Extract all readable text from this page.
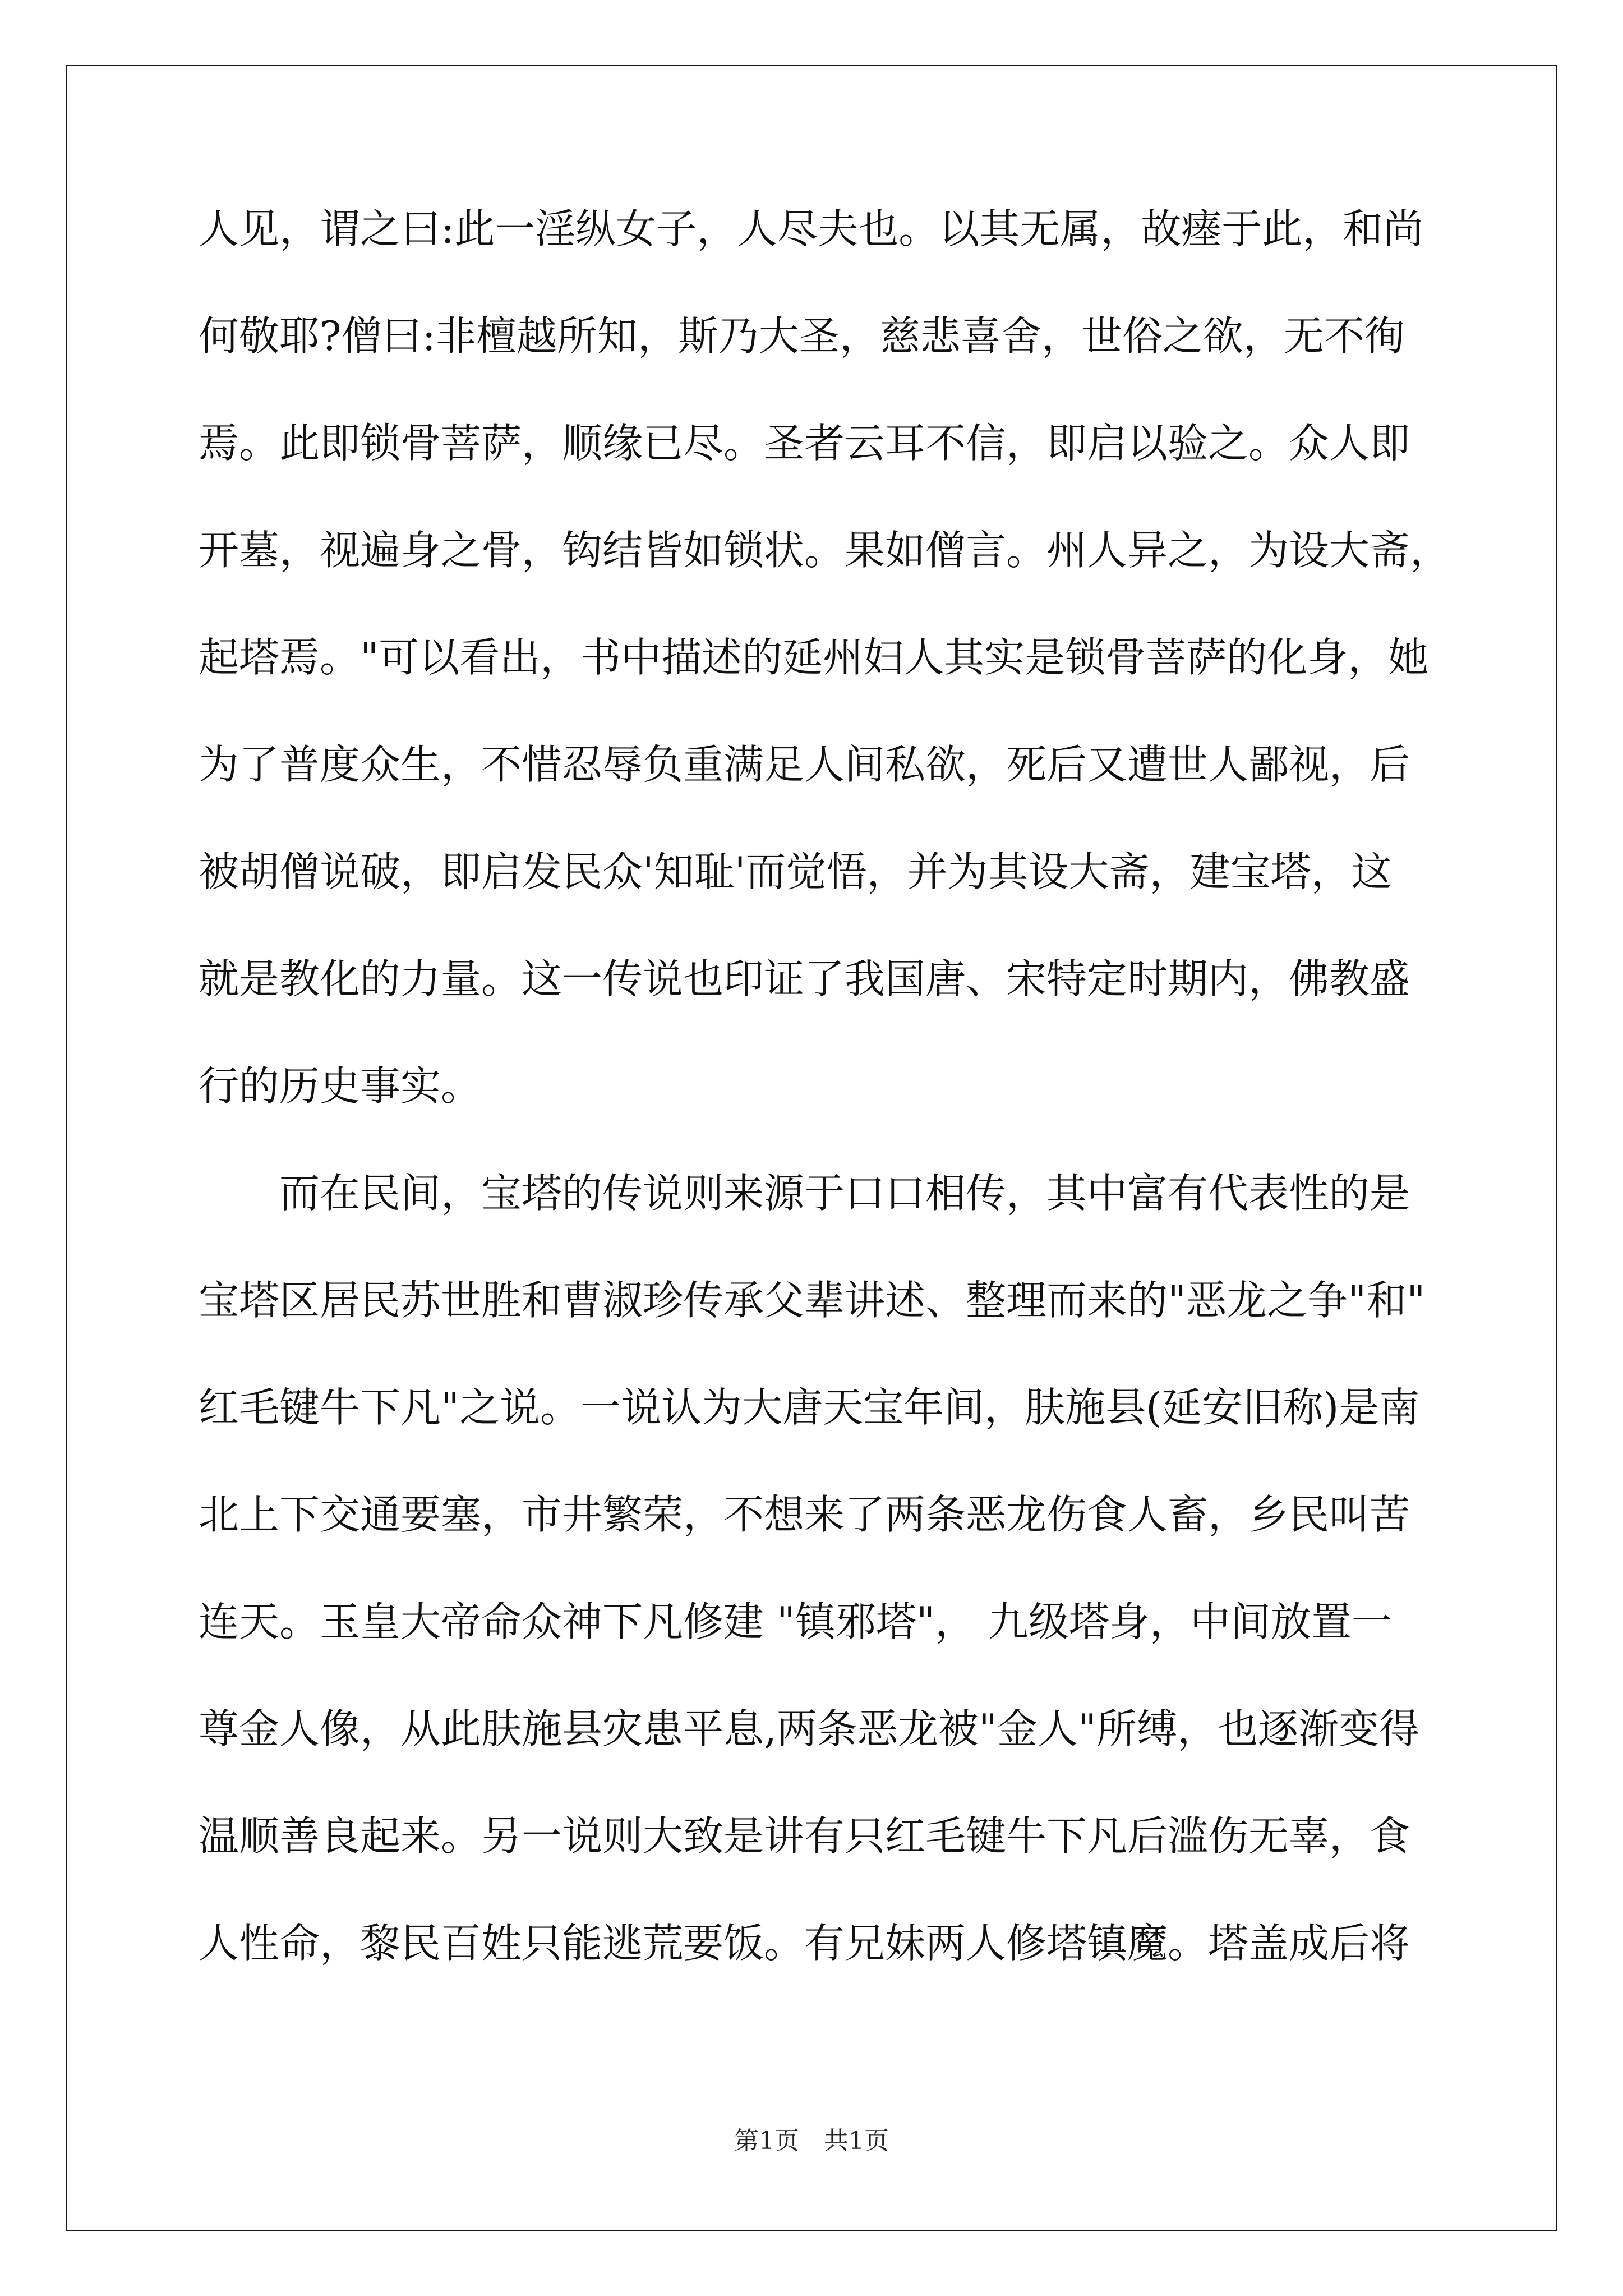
人见，谓之曰:此一淫纵女子，人尽夫也。以其无属，故瘗于此，和尚
何敬耶?僧曰:非檀越所知，斯乃大圣，慈悲喜舍，世俗之欲，无不徇
焉。此即锁骨菩萨，顺缘已尽。圣者云耳不信，即启以验之。众人即
开墓，视遍身之骨，钩结皆如锁状。果如僧言。州人异之，为设大斋，
起塔焉。"可以看出，书中描述的延州妇人其实是锁骨菩萨的化身，她
为了普度众生，不惜忍辱负重满足人间私欲，死后又遭世人鄙视，后
被胡僧说破，即启发民众'知耻'而觉悟，并为其设大斋，建宝塔，这
就是教化的力量。这一传说也印证了我国唐、宋特定时期内，佛教盛
行的历史事实。
　　而在民间，宝塔的传说则来源于口口相传，其中富有代表性的是
宝塔区居民苏世胜和曹淑珍传承父辈讲述、整理而来的"恶龙之争"和"
红毛键牛下凡"之说。一说认为大唐天宝年间，肤施县(延安旧称)是南
北上下交通要塞，市井繁荣，不想来了两条恶龙伤食人畜，乡民叫苦
连天。玉皇大帝命众神下凡修建 "镇邪塔"， 九级塔身，中间放置一
尊金人像，从此肤施县灾患平息,两条恶龙被"金人"所缚，也逐渐变得
温顺善良起来。另一说则大致是讲有只红毛键牛下凡后滥伤无辜，食
人性命，黎民百姓只能逃荒要饭。有兄妹两人修塔镇魔。塔盖成后将
第1页　共1页
